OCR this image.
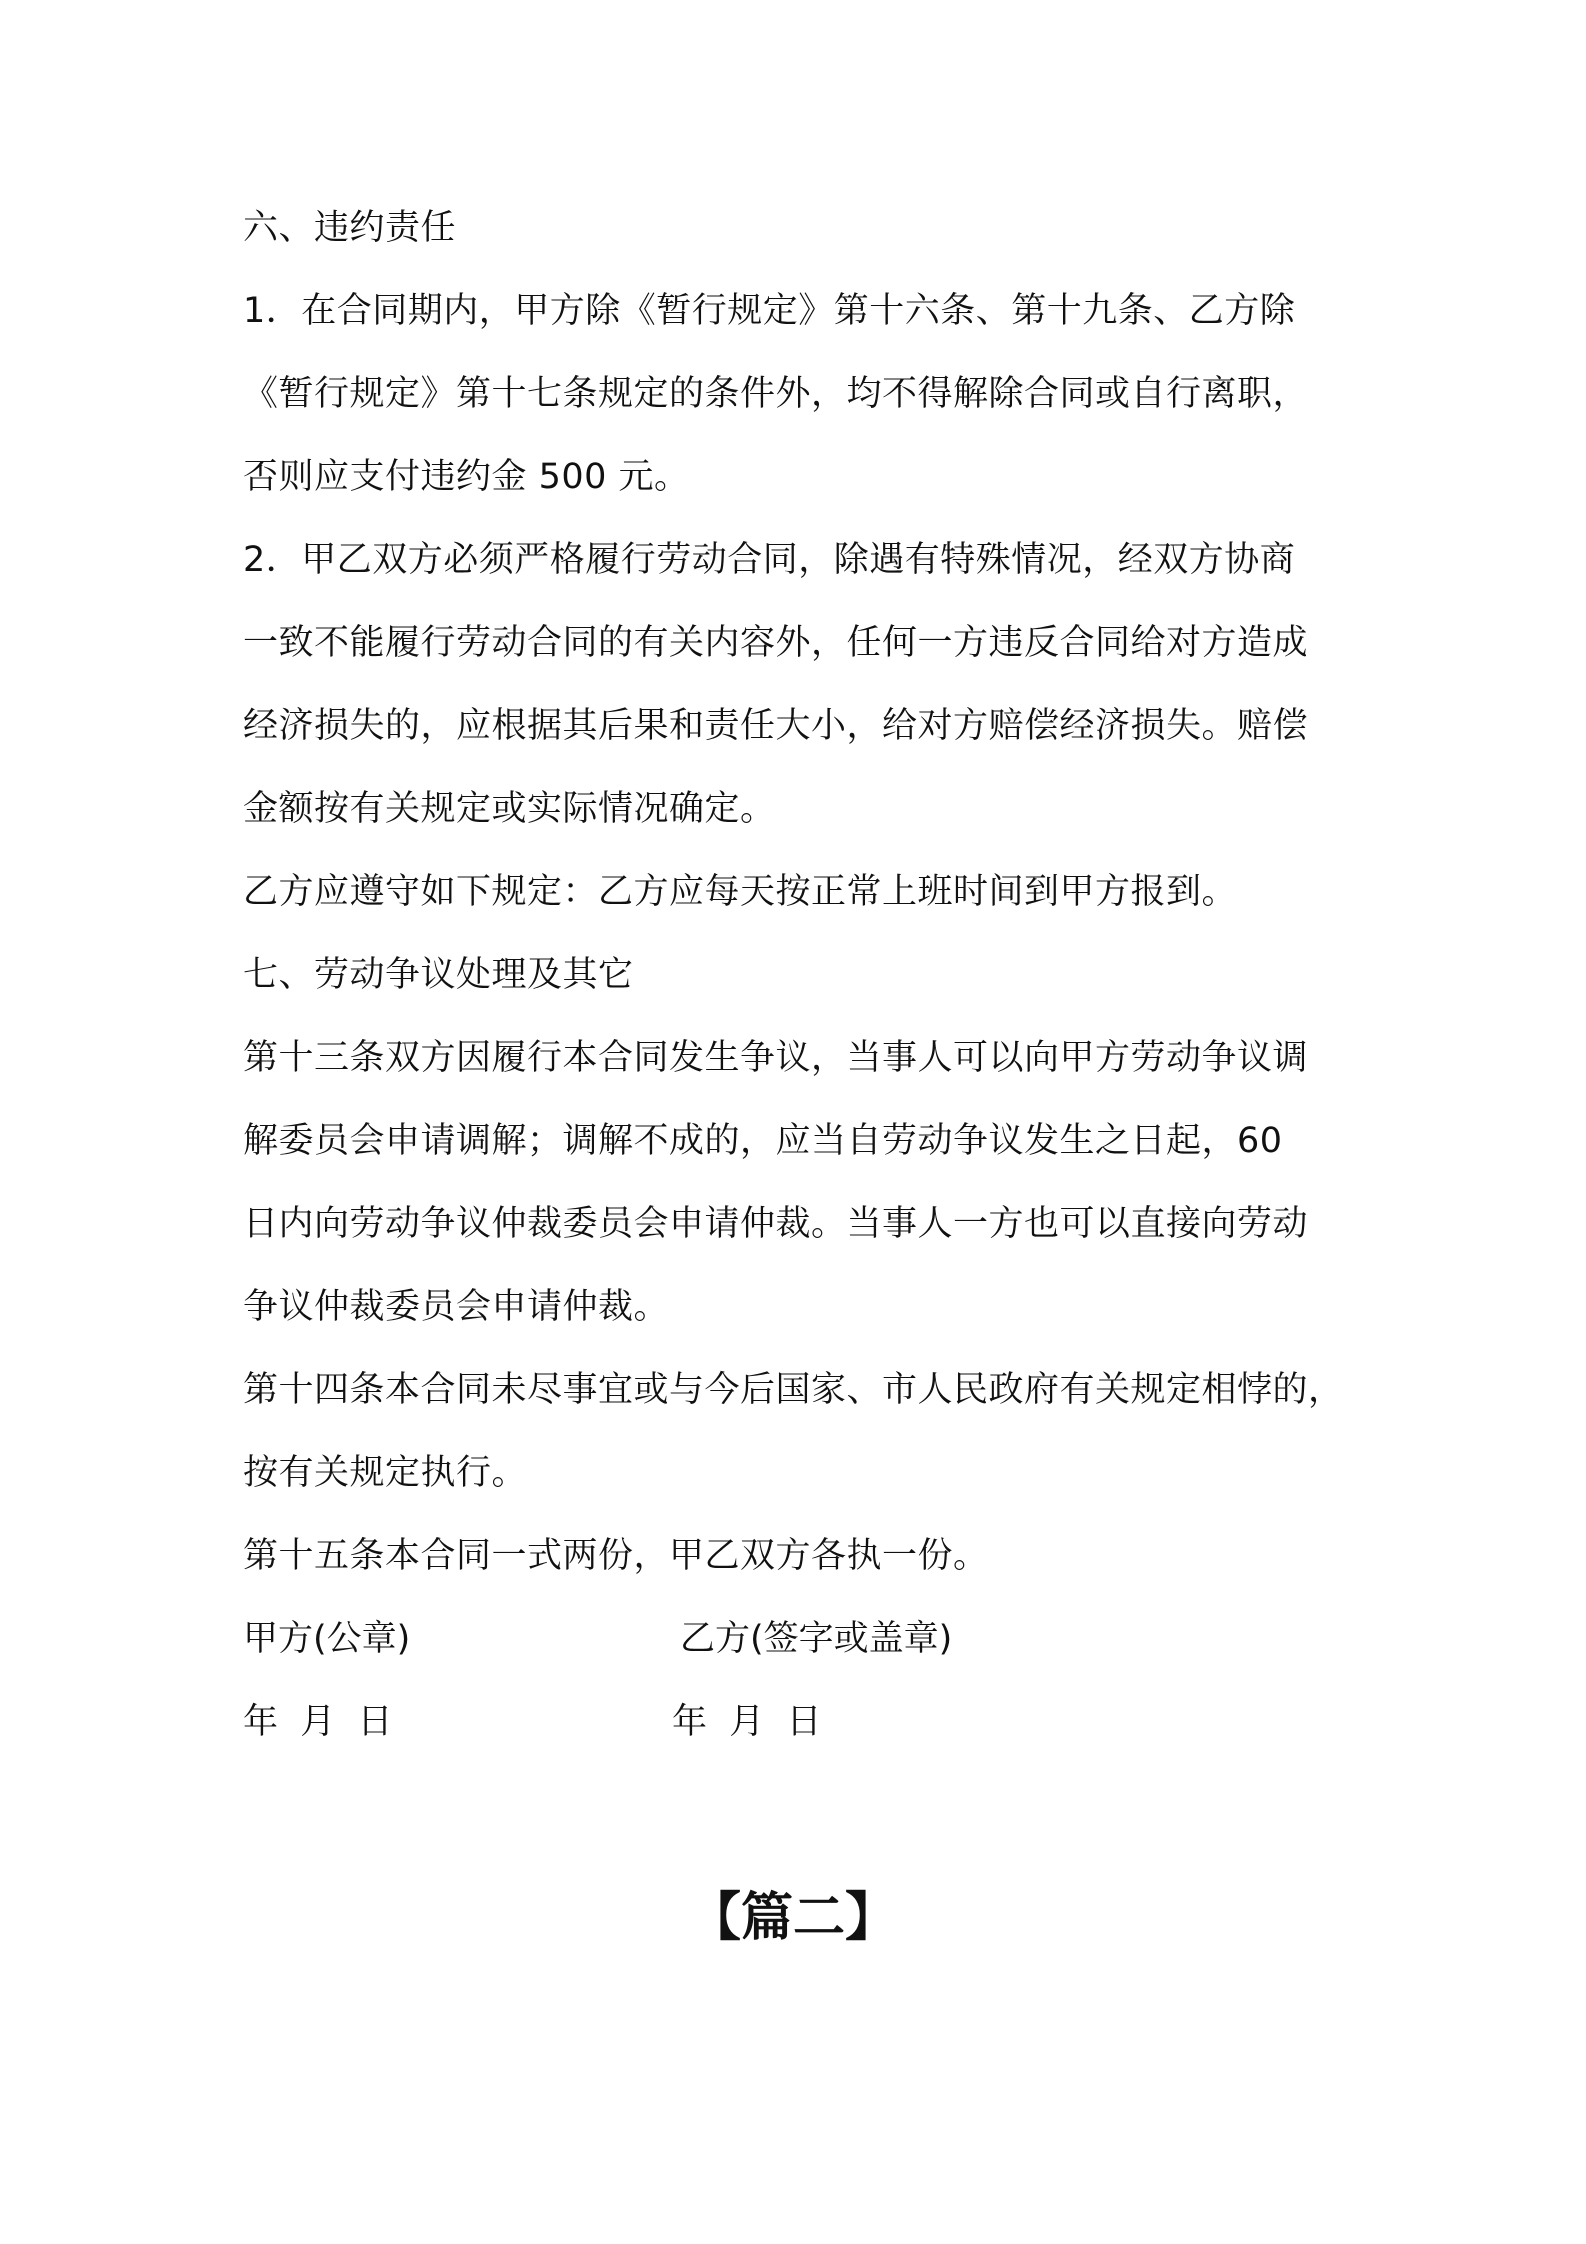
六、违约责任
1．在合同期内，甲方除《暂行规定》第十六条、第十九条、乙方除
《暂行规定》第十七条规定的条件外，均不得解除合同或自行离职，
否则应支付违约金 500 元。
2．甲乙双方必须严格履行劳动合同，除遇有特殊情况，经双方协商
一致不能履行劳动合同的有关内容外，任何一方违反合同给对方造成
经济损失的，应根据其后果和责任大小，给对方赔偿经济损失。赔偿
金额按有关规定或实际情况确定。
乙方应遵守如下规定：乙方应每天按正常上班时间到甲方报到。
七、劳动争议处理及其它
第十三条双方因履行本合同发生争议，当事人可以向甲方劳动争议调
解委员会申请调解；调解不成的，应当自劳动争议发生之日起，60
日内向劳动争议仲裁委员会申请仲裁。当事人一方也可以直接向劳动
争议仲裁委员会申请仲裁。
第十四条本合同未尽事宜或与今后国家、市人民政府有关规定相悖的，
按有关规定执行。
第十五条本合同一式两份，甲乙双方各执一份。
甲方(公章)	乙方(签字或盖章)
年  月  日	年  月  日
【篇二】
